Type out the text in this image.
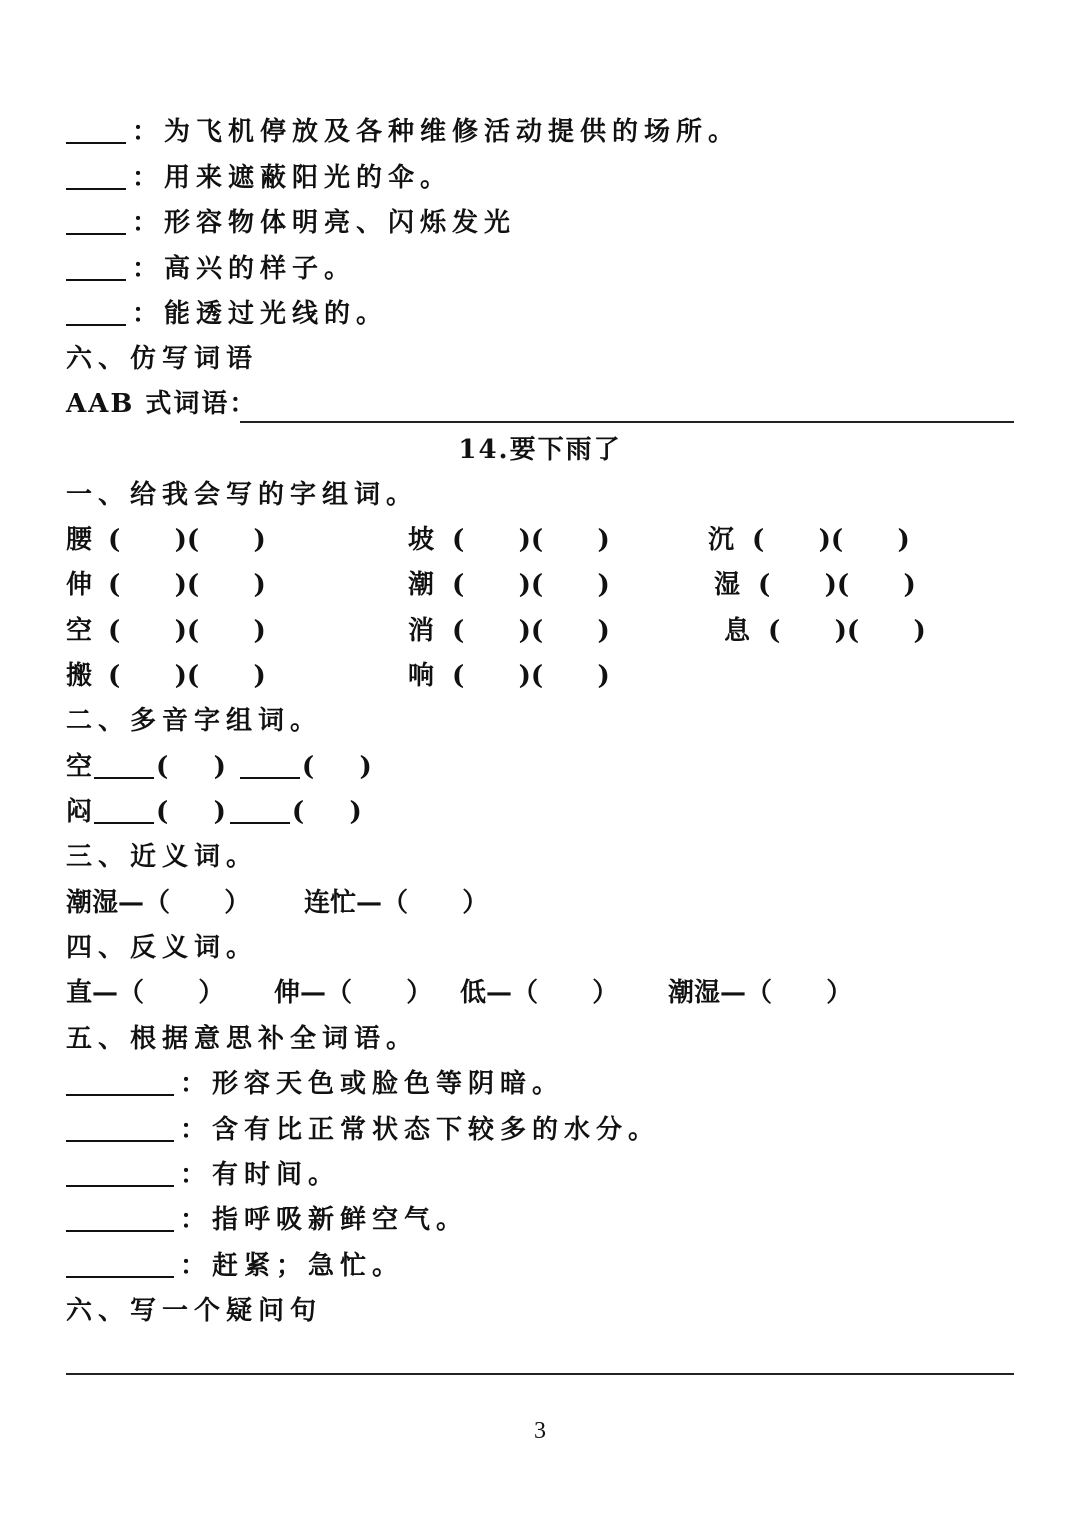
：为飞机停放及各种维修活动提供的场所。
：用来遮蔽阳光的伞。
：形容物体明亮、闪烁发光
：高兴的样子。
：能透过光线的。
六、仿写词语
AAB 式词语：
14.要下雨了
一、给我会写的字组词。
腰 (      )(      )	坡 (      )(      )	沉 (      )(      )
伸 (      )(      )	潮 (      )(      )	湿 (      )(      )
空 (      )(      )	消 (      )(      )	息 (      )(      )
搬 (      )(      )	响 (      )(      )
二、多音字组词。
空 (     )	(     )
闷 (     )	(     )
三、近义词。
潮湿—（      ） 连忙—（      ）
四、反义词。
直—（      ） 伸—（      ） 低—（      ） 潮湿—（      ）
五、根据意思补全词语。
：形容天色或脸色等阴暗。
：含有比正常状态下较多的水分。
：有时间。
：指呼吸新鲜空气。
：赶紧；急忙。
六、写一个疑问句
3
